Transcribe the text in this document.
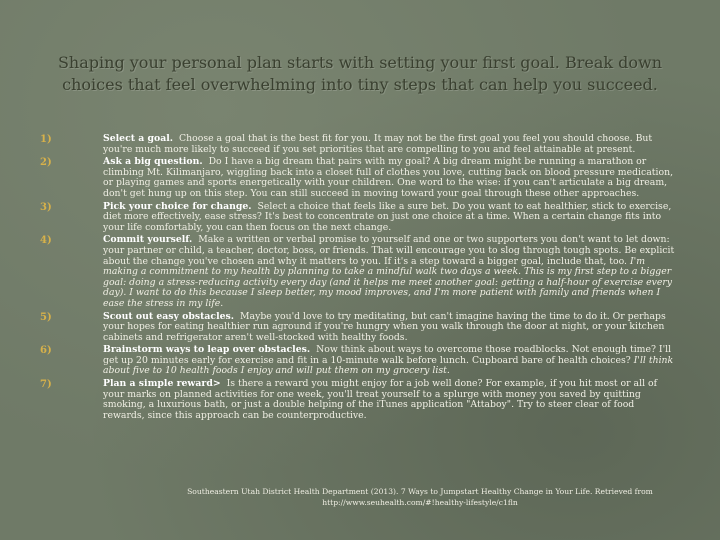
Shaping your personal plan starts with setting your first goal. Break down choices that feel overwhelming into tiny steps that can help you succeed.
1)	Select a goal. Choose a goal that is the best fit for you. It may not be the first goal you feel you should choose. But you're much more likely to succeed if you set priorities that are compelling to you and feel attainable at present.
2)	Ask a big question. Do I have a big dream that pairs with my goal? A big dream might be running a marathon or climbing Mt. Kilimanjaro, wiggling back into a closet full of clothes you love, cutting back on blood pressure medication, or playing games and sports energetically with your children. One word to the wise: if you can't articulate a big dream, don't get hung up on this step. You can still succeed in moving toward your goal through these other approaches.
3)	Pick your choice for change. Select a choice that feels like a sure bet. Do you want to eat healthier, stick to exercise, diet more effectively, ease stress? It's best to concentrate on just one choice at a time. When a certain change fits into your life comfortably, you can then focus on the next change.
4)	Commit yourself. Make a written or verbal promise to yourself and one or two supporters you don't want to let down: your partner or child, a teacher, doctor, boss, or friends. That will encourage you to slog through tough spots. Be explicit about the change you've chosen and why it matters to you. If it's a step toward a bigger goal, include that, too. I'm making a commitment to my health by planning to take a mindful walk two days a week. This is my first step to a bigger goal: doing a stress-reducing activity every day (and it helps me meet another goal: getting a half-hour of exercise every day). I want to do this because I sleep better, my mood improves, and I'm more patient with family and friends when I ease the stress in my life.
5)	Scout out easy obstacles. Maybe you'd love to try meditating, but can't imagine having the time to do it. Or perhaps your hopes for eating healthier run aground if you're hungry when you walk through the door at night, or your kitchen cabinets and refrigerator aren't well-stocked with healthy foods.
6)	Brainstorm ways to leap over obstacles. Now think about ways to overcome those roadblocks. Not enough time? I'll get up 20 minutes early for exercise and fit in a 10-minute walk before lunch. Cupboard bare of health choices? I'll think about five to 10 health foods I enjoy and will put them on my grocery list.
7)	Plan a simple reward> Is there a reward you might enjoy for a job well done? For example, if you hit most or all of your marks on planned activities for one week, you'll treat yourself to a splurge with money you saved by quitting smoking, a luxurious bath, or just a double helping of the iTunes application "Attaboy". Try to steer clear of food rewards, since this approach can be counterproductive.
Southeastern Utah District Health Department (2013). 7 Ways to Jumpstart Healthy Change in Your Life. Retrieved from http://www.seuhealth.com/#!healthy-lifestyle/c1fln
